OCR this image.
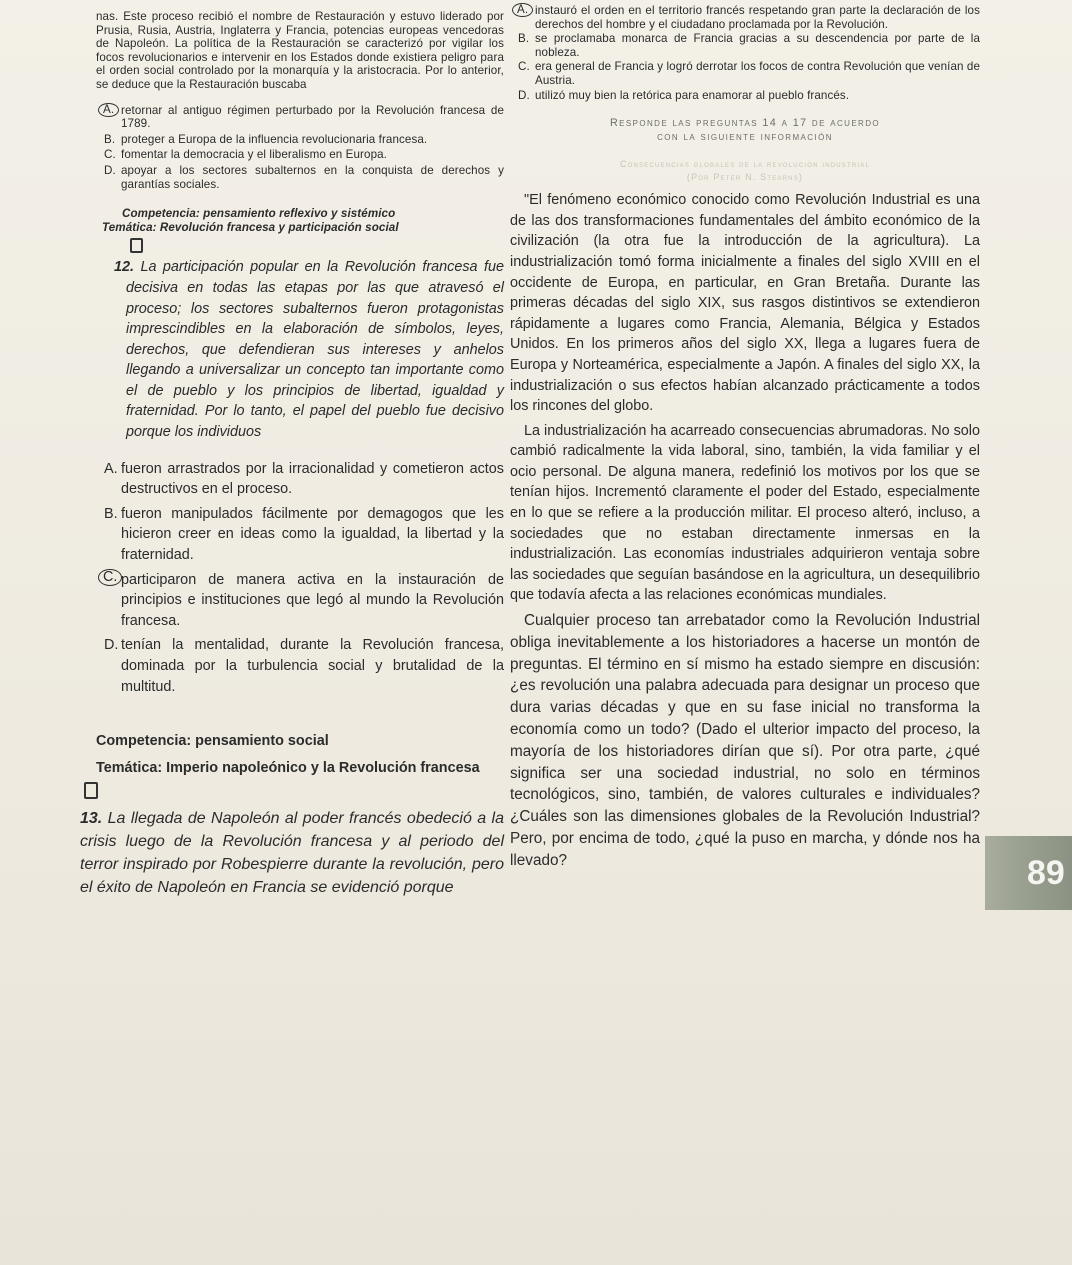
nas. Este proceso recibió el nombre de Restauración y estuvo liderado por Prusia, Rusia, Austria, Inglaterra y Francia, potencias europeas vencedoras de Napoleón. La política de la Restauración se caracterizó por vigilar los focos revolucionarios e intervenir en los Estados donde existiera peligro para el orden social controlado por la monarquía y la aristocracia. Por lo anterior, se deduce que la Restauración buscaba

A. retornar al antiguo régimen perturbado por la Revolución francesa de 1789.

B. proteger a Europa de la influencia revolucionaria francesa.

C. fomentar la democracia y el liberalismo en Europa.

D. apoyar a los sectores subalternos en la conquista de derechos y garantías sociales.

Competencia: pensamiento reflexivo y sistémico
Temática: Revolución francesa y participación social

12. La participación popular en la Revolución francesa fue decisiva en todas las etapas por las que atravesó el proceso; los sectores subalternos fueron protagonistas imprescindibles en la elaboración de símbolos, leyes, derechos, que defendieran sus intereses y anhelos llegando a universalizar un concepto tan importante como el de pueblo y los principios de libertad, igualdad y fraternidad. Por lo tanto, el papel del pueblo fue decisivo porque los individuos

A. fueron arrastrados por la irracionalidad y cometieron actos destructivos en el proceso.

B. fueron manipulados fácilmente por demagogos que les hicieron creer en ideas como la igualdad, la libertad y la fraternidad.

C. participaron de manera activa en la instauración de principios e instituciones que legó al mundo la Revolución francesa.

D. tenían la mentalidad, durante la Revolución francesa, dominada por la turbulencia social y brutalidad de la multitud.

Competencia: pensamiento social
Temática: Imperio napoleónico y la Revolución francesa

13. La llegada de Napoleón al poder francés obedeció a la crisis luego de la Revolución francesa y al periodo del terror inspirado por Robespierre durante la revolución, pero el éxito de Napoleón en Francia se evidenció porque

A. instauró el orden en el territorio francés respetando gran parte la declaración de los derechos del hombre y el ciudadano proclamada por la Revolución.

B. se proclamaba monarca de Francia gracias a su descendencia por parte de la nobleza.

C. era general de Francia y logró derrotar los focos de contra Revolución que venían de Austria.

D. utilizó muy bien la retórica para enamorar al pueblo francés.

Responde las preguntas 14 a 17 de acuerdo
con la siguiente información
Consecuencias globales de la revolución industrial
(Por Peter N. Stearns)

"El fenómeno económico conocido como Revolución Industrial es una de las dos transformaciones fundamentales del ámbito económico de la civilización (la otra fue la introducción de la agricultura). La industrialización tomó forma inicialmente a finales del siglo XVIII en el occidente de Europa, en particular, en Gran Bretaña. Durante las primeras décadas del siglo XIX, sus rasgos distintivos se extendieron rápidamente a lugares como Francia, Alemania, Bélgica y Estados Unidos. En los primeros años del siglo XX, llega a lugares fuera de Europa y Norteamérica, especialmente a Japón. A finales del siglo XX, la industrialización o sus efectos habían alcanzado prácticamente a todos los rincones del globo.

La industrialización ha acarreado consecuencias abrumadoras. No solo cambió radicalmente la vida laboral, sino, también, la vida familiar y el ocio personal. De alguna manera, redefinió los motivos por los que se tenían hijos. Incrementó claramente el poder del Estado, especialmente en lo que se refiere a la producción militar. El proceso alteró, incluso, a sociedades que no estaban directamente inmersas en la industrialización. Las economías industriales adquirieron ventaja sobre las sociedades que seguían basándose en la agricultura, un desequilibrio que todavía afecta a las relaciones económicas mundiales.

Cualquier proceso tan arrebatador como la Revolución Industrial obliga inevitablemente a los historiadores a hacerse un montón de preguntas. El término en sí mismo ha estado siempre en discusión: ¿es revolución una palabra adecuada para designar un proceso que dura varias décadas y que en su fase inicial no transforma la economía como un todo? (Dado el ulterior impacto del proceso, la mayoría de los historiadores dirían que sí). Por otra parte, ¿qué significa ser una sociedad industrial, no solo en términos tecnológicos, sino, también, de valores culturales e individuales? ¿Cuáles son las dimensiones globales de la Revolución Industrial? Pero, por encima de todo, ¿qué la puso en marcha, y dónde nos ha llevado?	89
